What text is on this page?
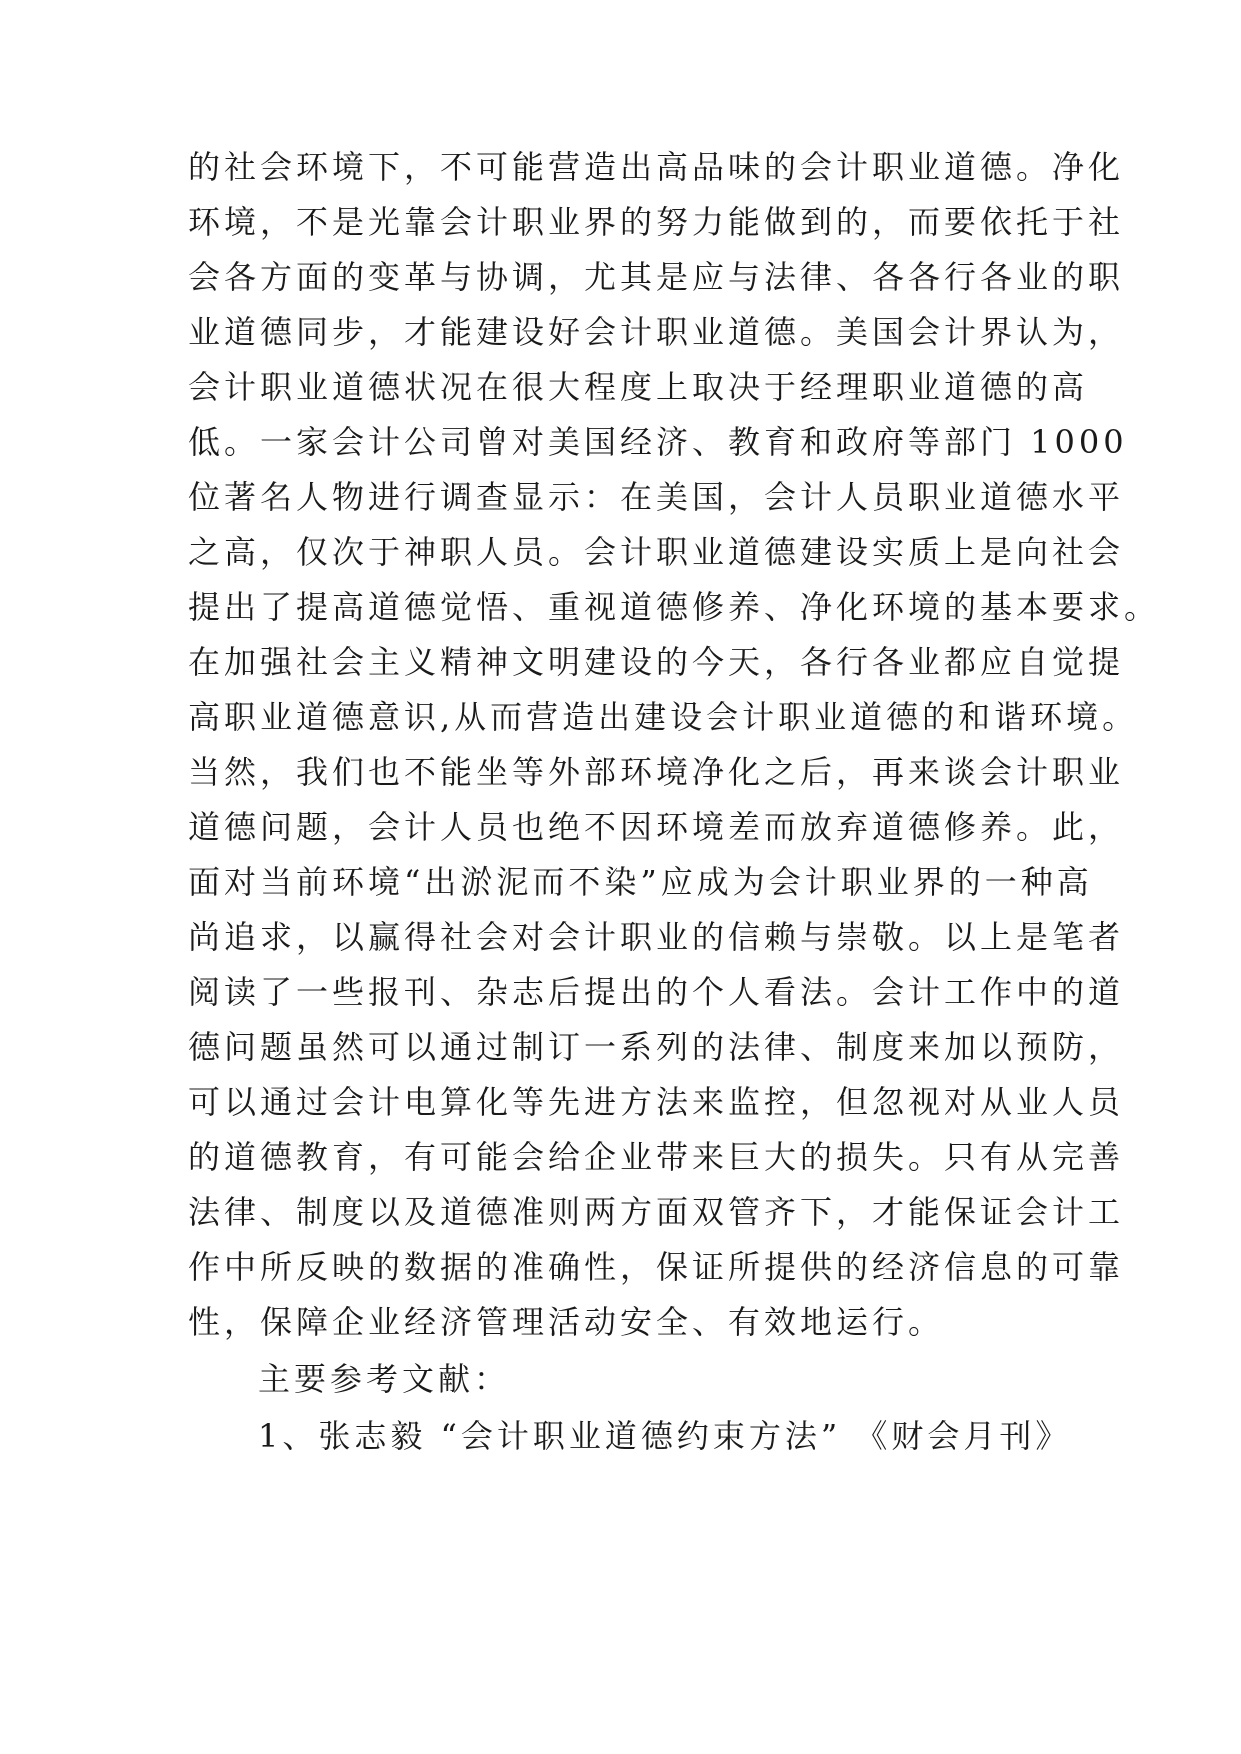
的社会环境下，不可能营造出高品味的会计职业道德。净化
环境，不是光靠会计职业界的努力能做到的，而要依托于社
会各方面的变革与协调，尤其是应与法律、各各行各业的职
业道德同步，才能建设好会计职业道德。美国会计界认为，
会计职业道德状况在很大程度上取决于经理职业道德的高
低。一家会计公司曾对美国经济、教育和政府等部门 1000
位著名人物进行调查显示：在美国，会计人员职业道德水平
之高，仅次于神职人员。会计职业道德建设实质上是向社会
提出了提高道德觉悟、重视道德修养、净化环境的基本要求。
在加强社会主义精神文明建设的今天，各行各业都应自觉提
高职业道德意识,从而营造出建设会计职业道德的和谐环境。
当然，我们也不能坐等外部环境净化之后，再来谈会计职业
道德问题，会计人员也绝不因环境差而放弃道德修养。此，
面对当前环境“出淤泥而不染”应成为会计职业界的一种高
尚追求，以赢得社会对会计职业的信赖与崇敬。以上是笔者
阅读了一些报刊、杂志后提出的个人看法。会计工作中的道
德问题虽然可以通过制订一系列的法律、制度来加以预防，
可以通过会计电算化等先进方法来监控，但忽视对从业人员
的道德教育，有可能会给企业带来巨大的损失。只有从完善
法律、制度以及道德准则两方面双管齐下，才能保证会计工
作中所反映的数据的准确性，保证所提供的经济信息的可靠
性，保障企业经济管理活动安全、有效地运行。
主要参考文献：
1、张志毅 “会计职业道德约束方法” 《财会月刊》
